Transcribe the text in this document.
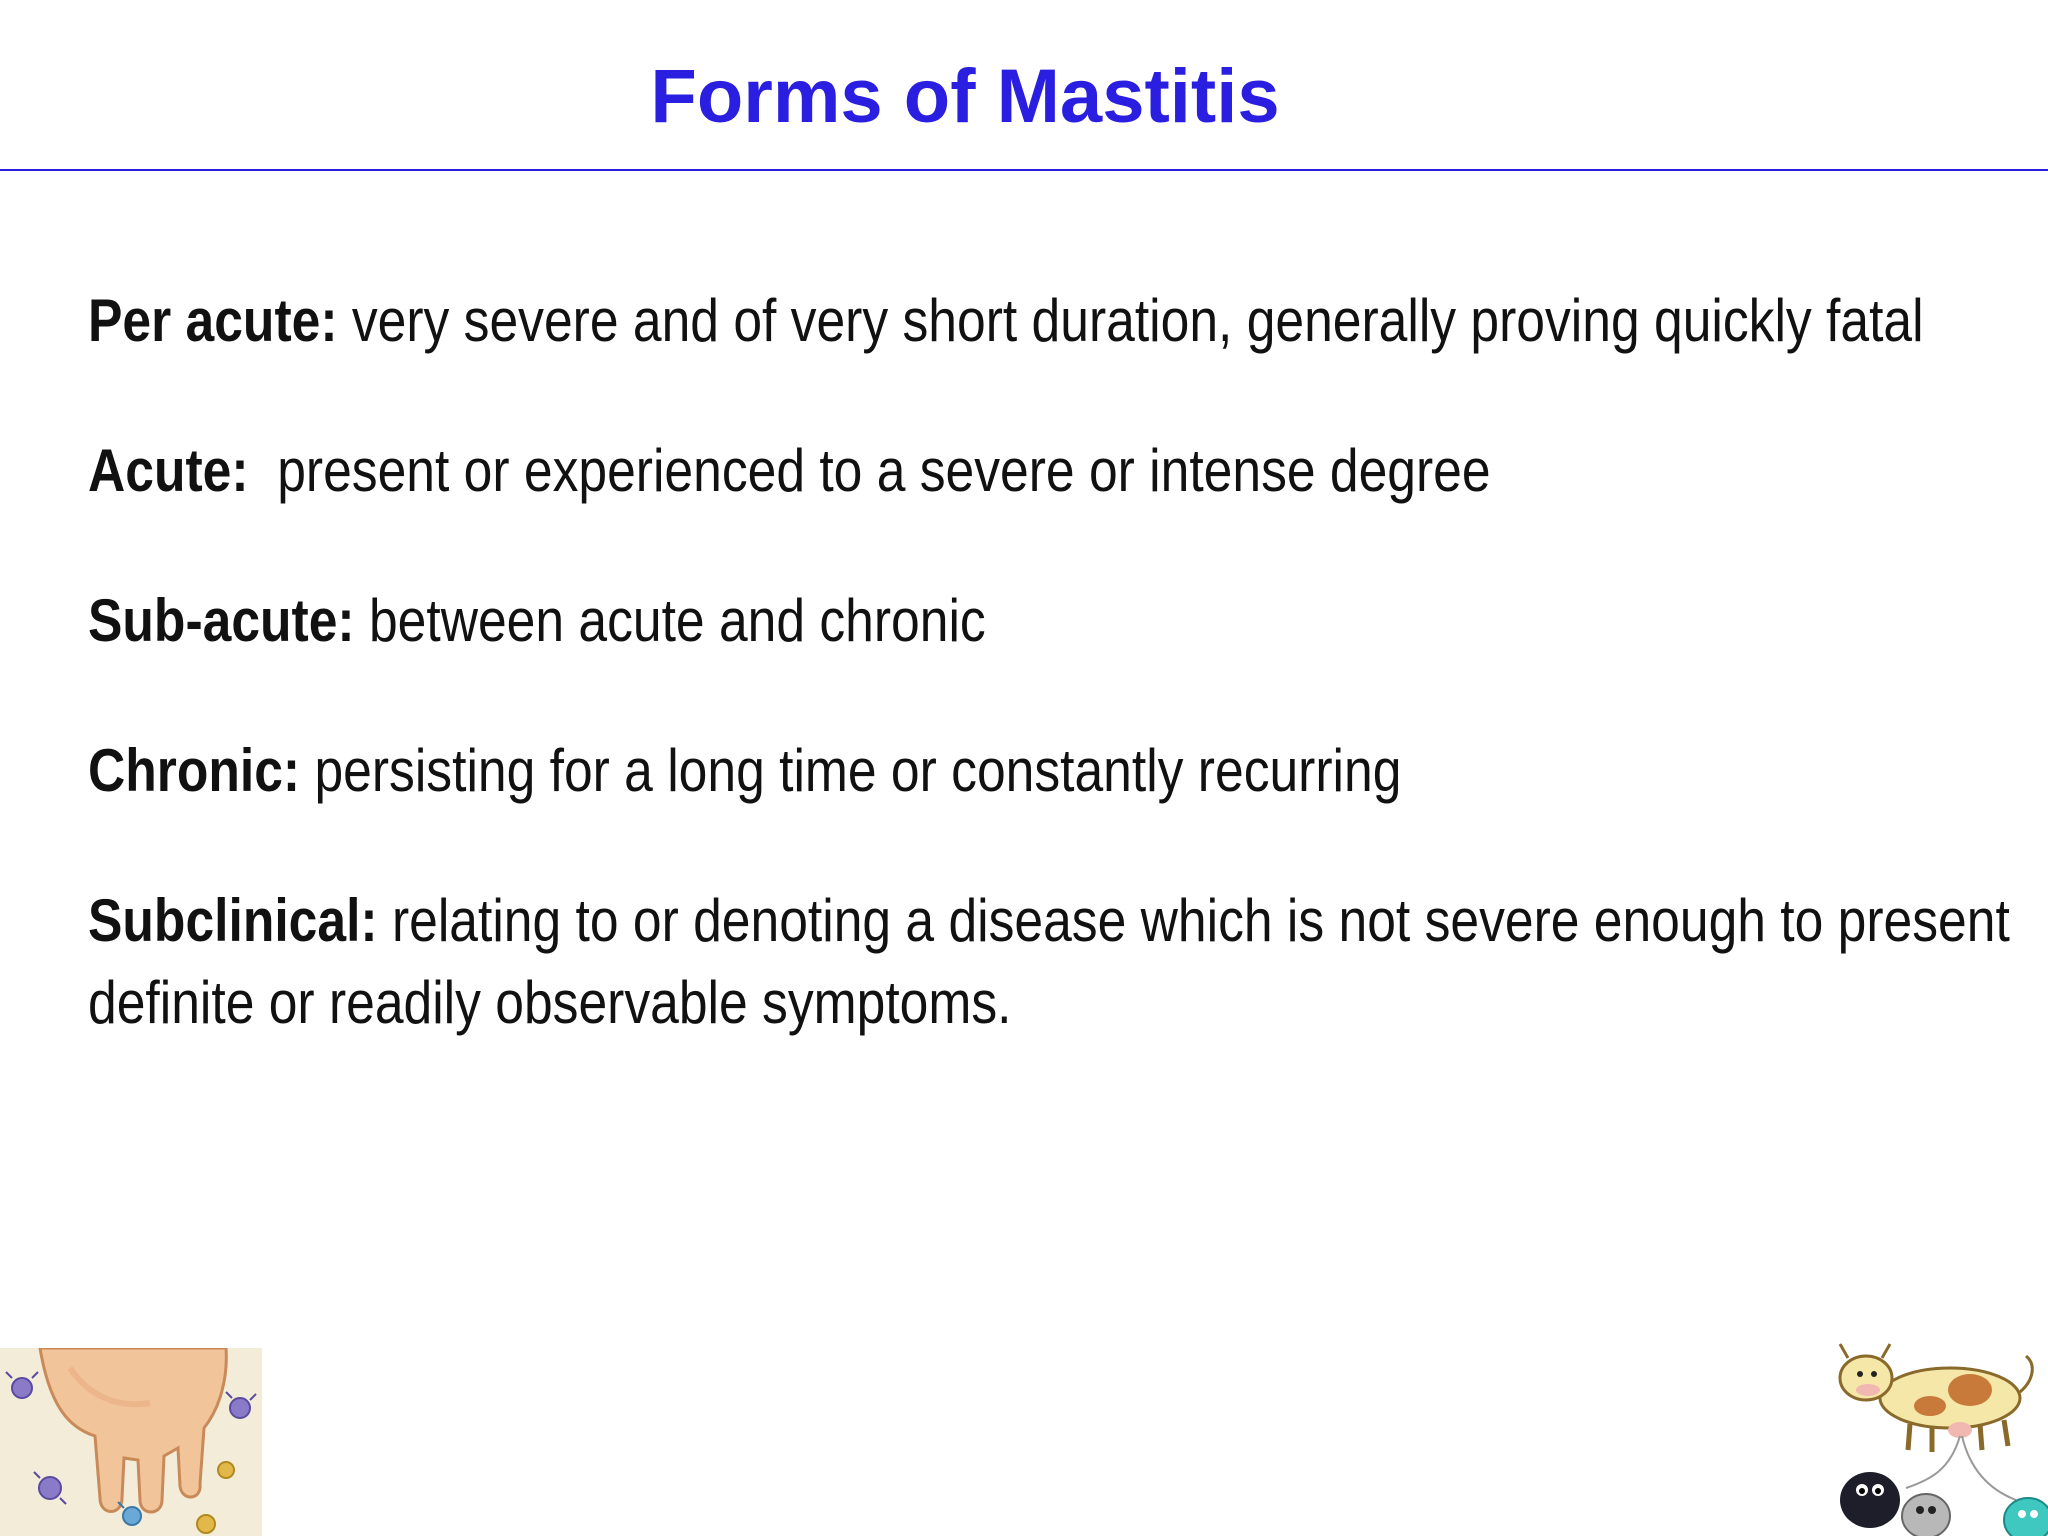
Forms of Mastitis

Per acute: very severe and of very short duration, generally proving quickly fatal

Acute:  present or experienced to a severe or intense degree

Sub-acute: between acute and chronic

Chronic: persisting for a long time or constantly recurring

Subclinical: relating to or denoting a disease which is not severe enough to present definite or readily observable symptoms.
